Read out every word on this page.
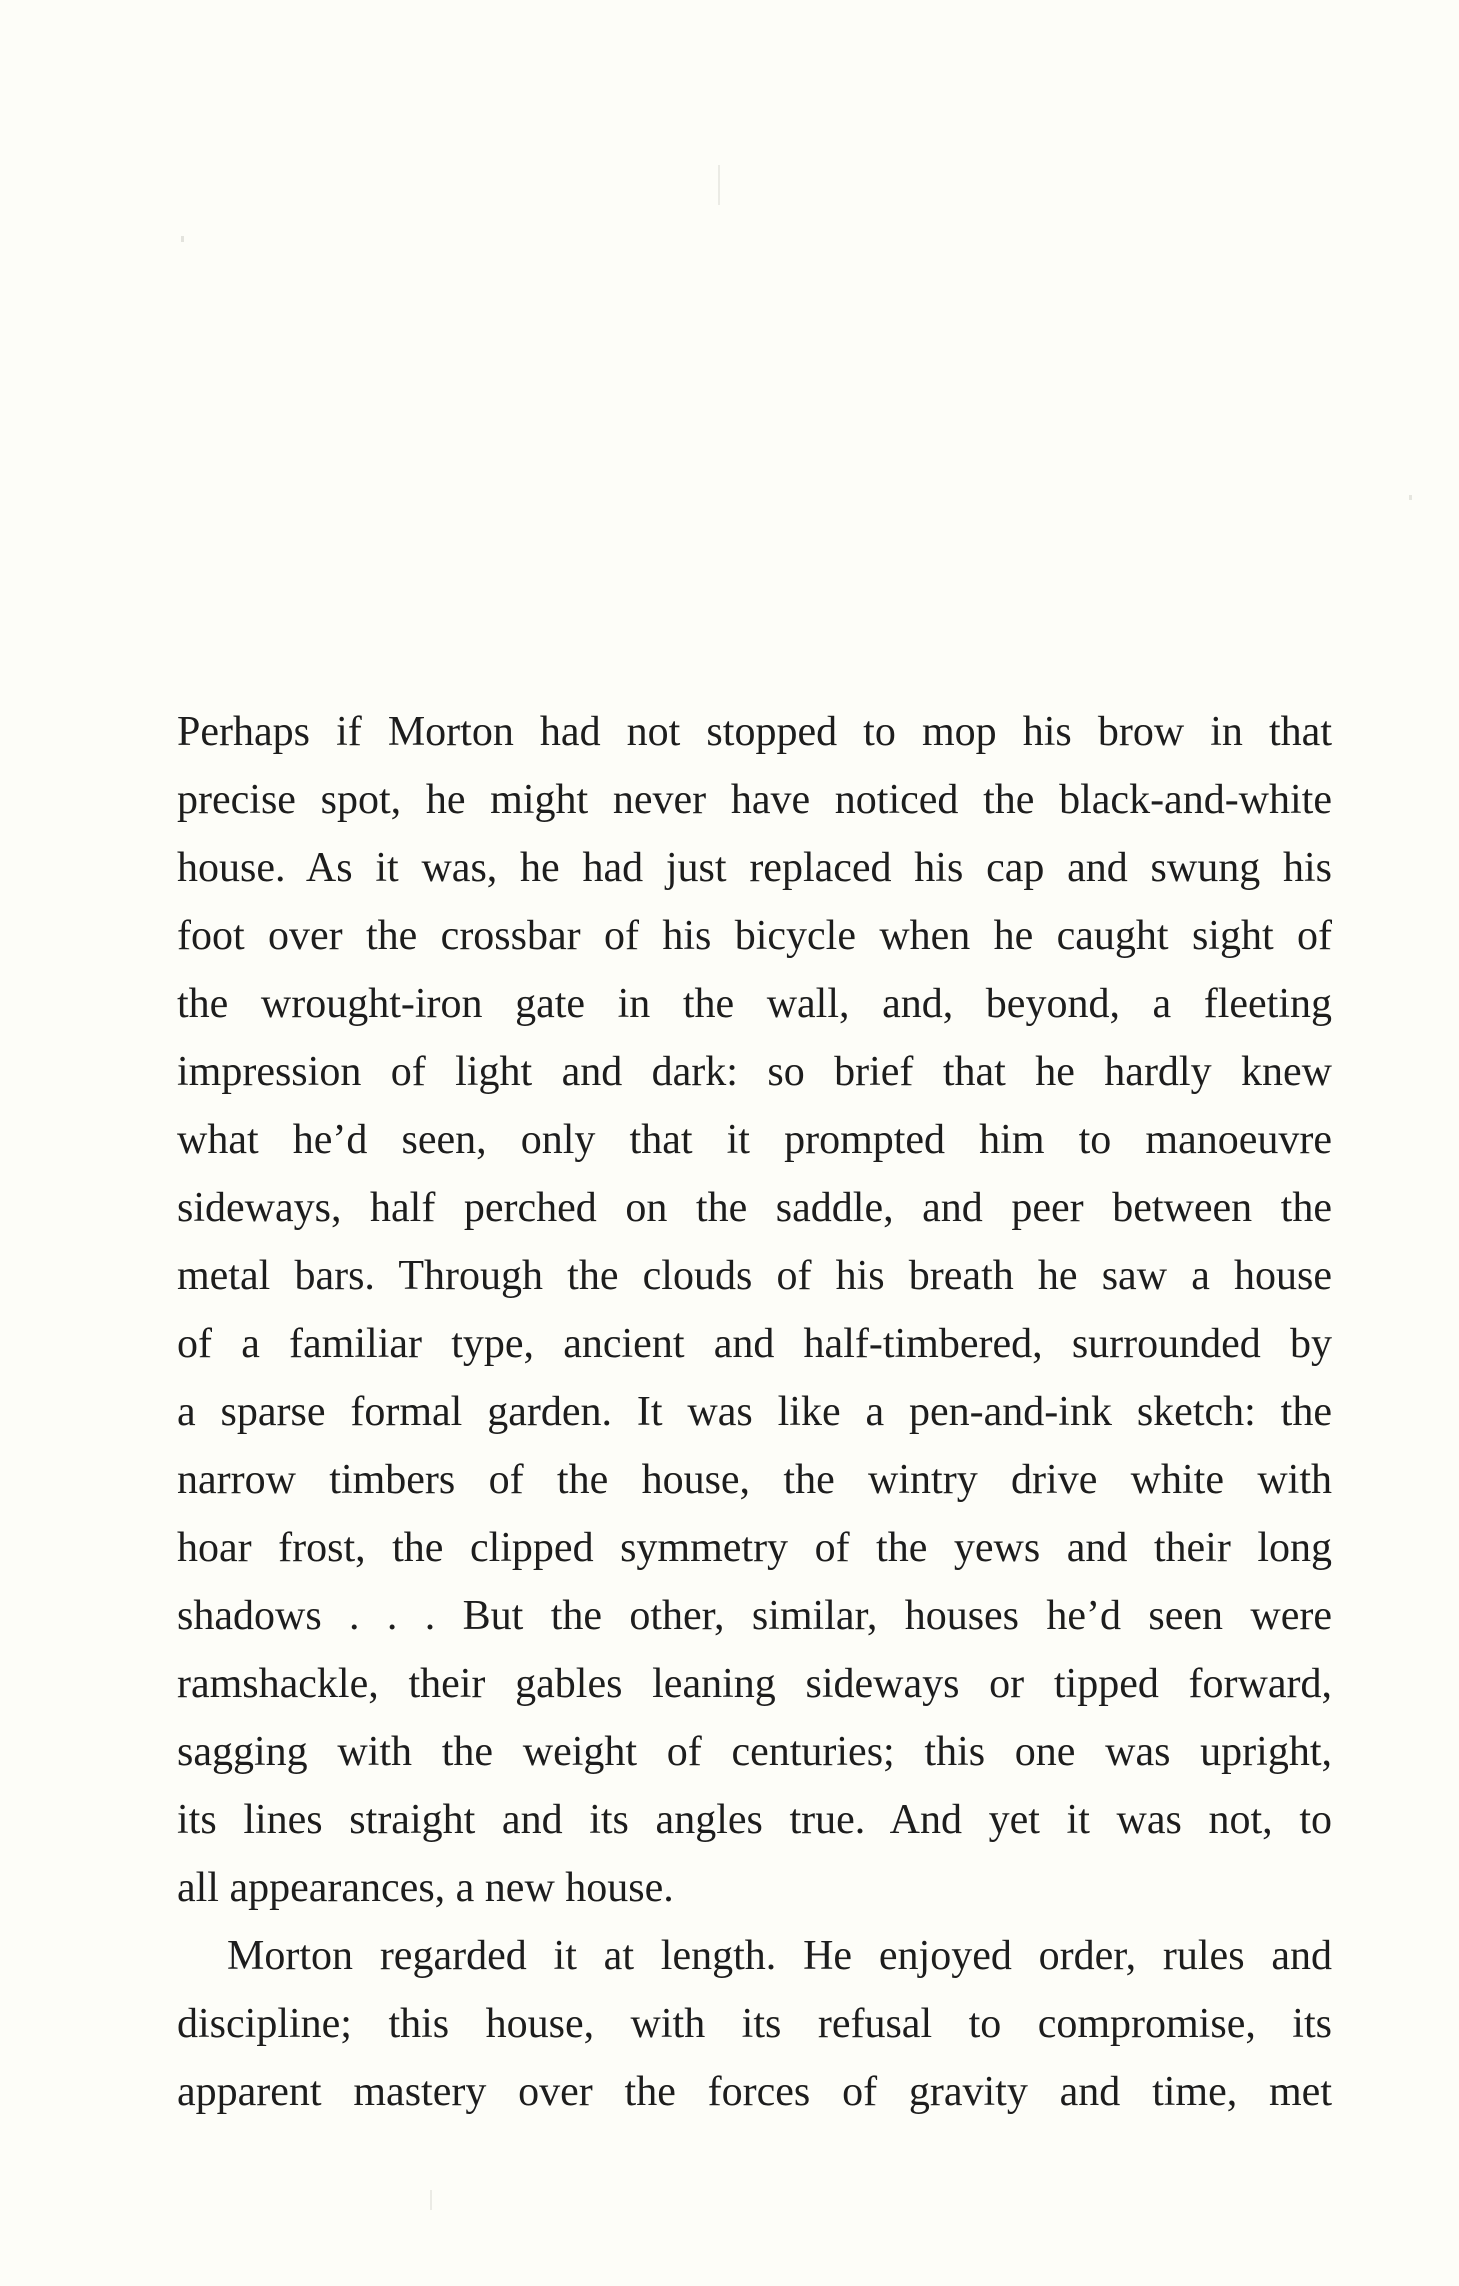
Perhaps if Morton had not stopped to mop his brow in that
precise spot, he might never have noticed the black-and-white
house. As it was, he had just replaced his cap and swung his
foot over the crossbar of his bicycle when he caught sight of
the wrought-iron gate in the wall, and, beyond, a fleeting
impression of light and dark: so brief that he hardly knew
what he’d seen, only that it prompted him to manoeuvre
sideways, half perched on the saddle, and peer between the
metal bars. Through the clouds of his breath he saw a house
of a familiar type, ancient and half-timbered, surrounded by
a sparse formal garden. It was like a pen-and-ink sketch: the
narrow timbers of the house, the wintry drive white with
hoar frost, the clipped symmetry of the yews and their long
shadows . . . But the other, similar, houses he’d seen were
ramshackle, their gables leaning sideways or tipped forward,
sagging with the weight of centuries; this one was upright,
its lines straight and its angles true. And yet it was not, to
all appearances, a new house.
Morton regarded it at length. He enjoyed order, rules and
discipline; this house, with its refusal to compromise, its
apparent mastery over the forces of gravity and time, met
